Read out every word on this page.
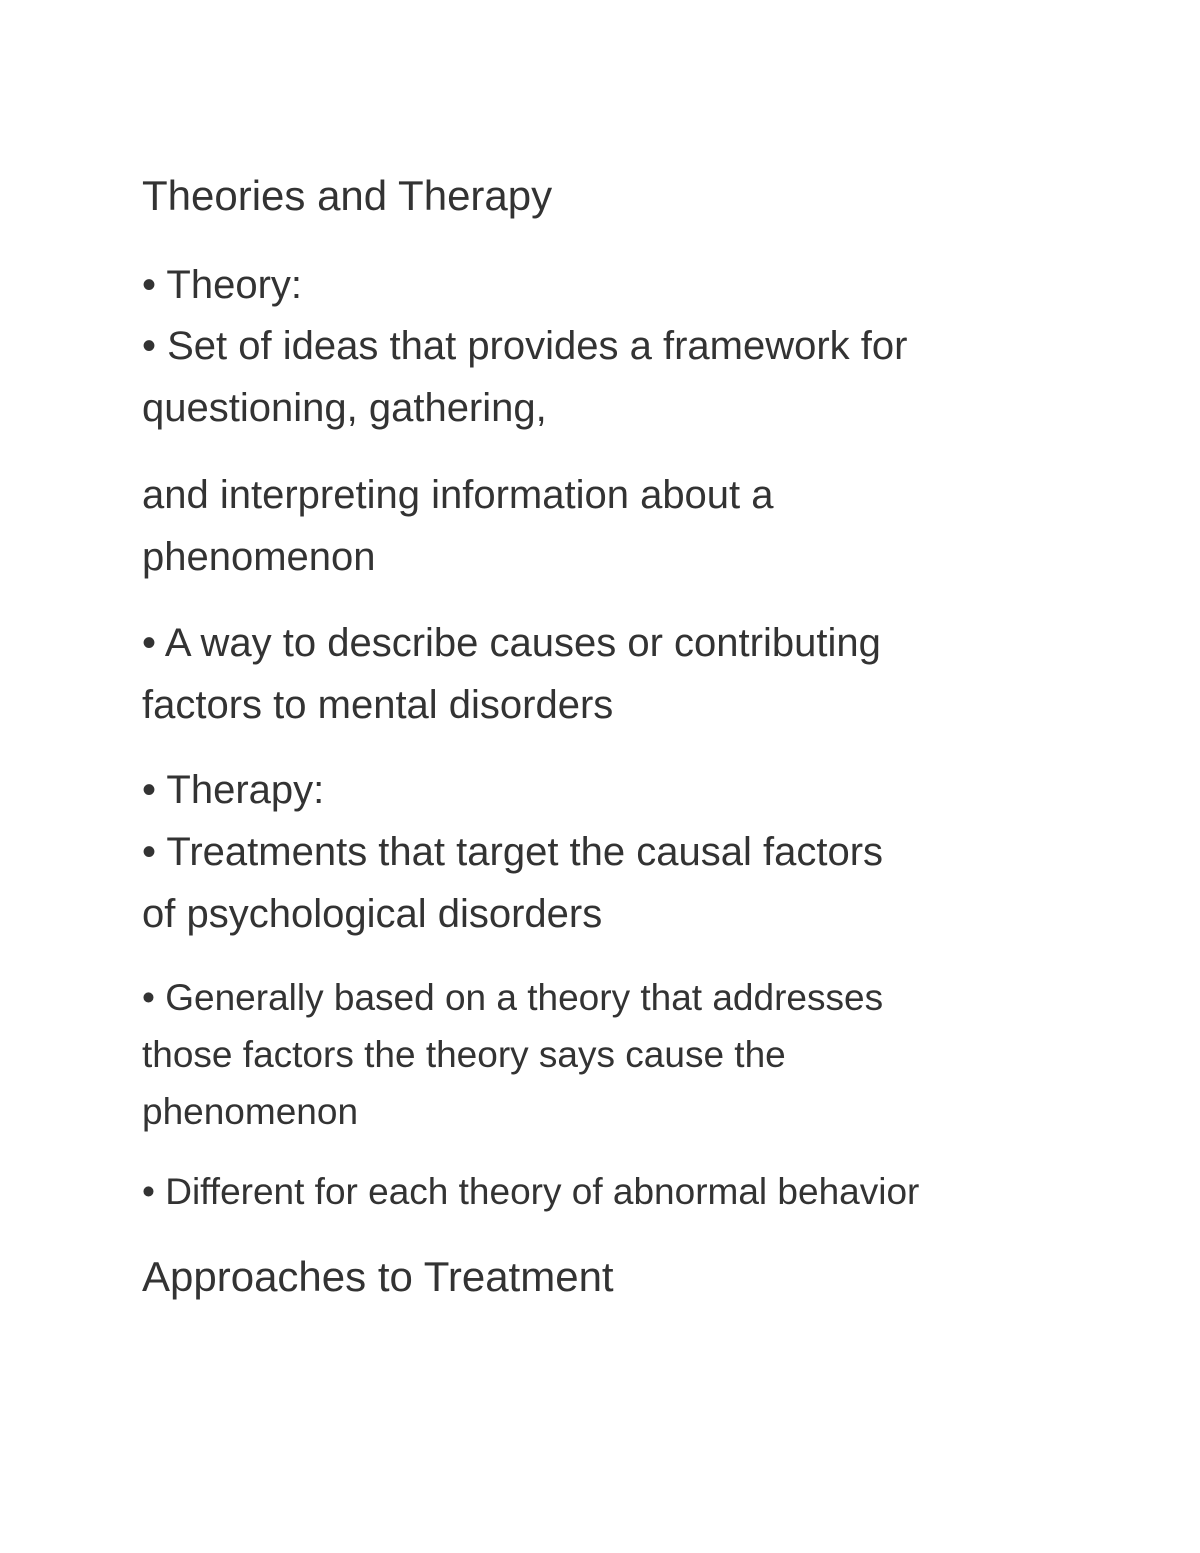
Theories and Therapy

• Theory:

• Set of ideas that provides a framework for

questioning, gathering,

and interpreting information about a

phenomenon

• A way to describe causes or contributing

factors to mental disorders

• Therapy:

• Treatments that target the causal factors

of psychological disorders

• Generally based on a theory that addresses

those factors the theory says cause the

phenomenon

• Different for each theory of abnormal behavior

Approaches to Treatment
